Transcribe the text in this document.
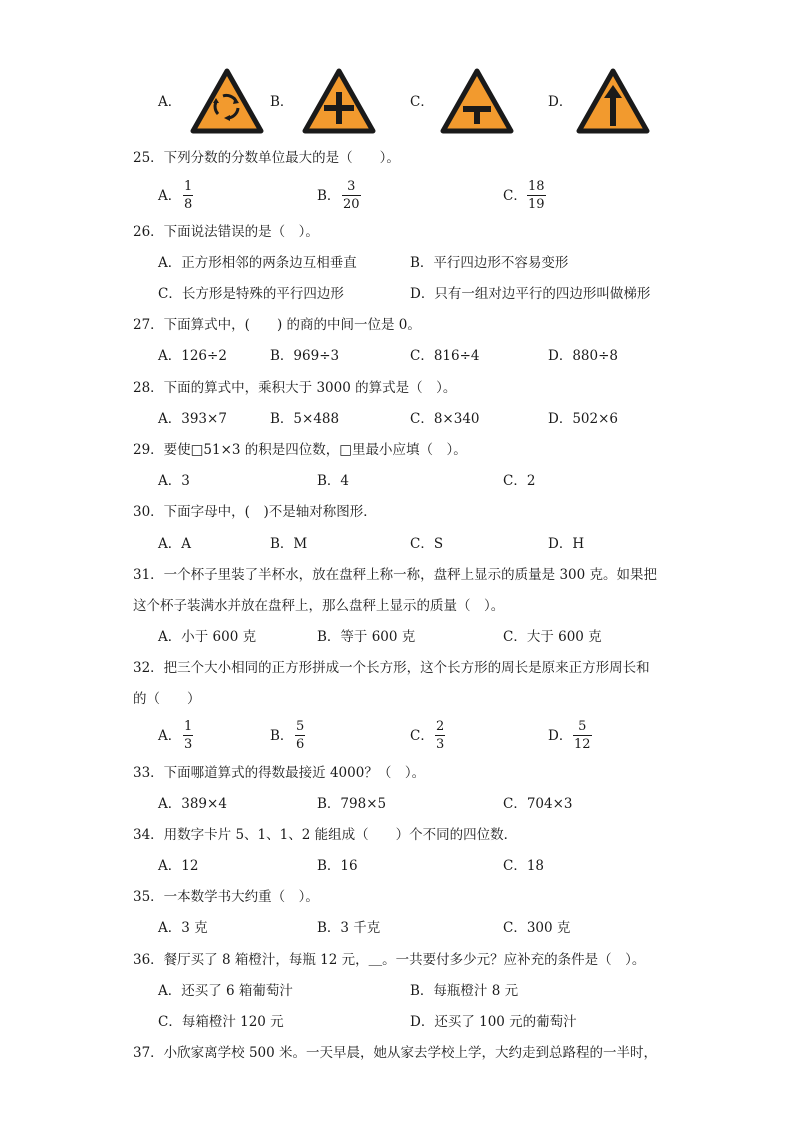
A．	B．	C．	D．
25．下列分数的分数单位最大的是（　　）。
A．
1
8
B．
3
20
C．
18
19
26．下面说法错误的是（　）。
A．正方形相邻的两条边互相垂直	B．平行四边形不容易变形
C．长方形是特殊的平行四边形	D．只有一组对边平行的四边形叫做梯形
27．下面算式中，(　　) 的商的中间一位是 0。
A．126÷2	B．969÷3	C．816÷4	D．880÷8
28．下面的算式中，乘积大于 3000 的算式是（　）。
A．393×7	B．5×488	C．8×340	D．502×6
29．要使□51×3 的积是四位数，□里最小应填（　）。
A．3	B．4	C．2
30．下面字母中，(　)不是轴对称图形．
A．A	B．M	C．S	D．H
31．一个杯子里装了半杯水，放在盘秤上称一称，盘秤上显示的质量是 300 克。如果把
这个杯子装满水并放在盘秤上，那么盘秤上显示的质量（　）。
A．小于 600 克	B．等于 600 克	C．大于 600 克
32．把三个大小相同的正方形拼成一个长方形，这个长方形的周长是原来正方形周长和
的（　　）
A．
1
3
B．
5
6
C．
2
3
D．
5
12
33．下面哪道算式的得数最接近 4000？（　）。
A．389×4	B．798×5	C．704×3
34．用数字卡片 5、1、1、2 能组成（　　）个不同的四位数．
A．12	B．16	C．18
35．一本数学书大约重（　）。
A．3 克	B．3 千克	C．300 克
36．餐厅买了 8 箱橙汁，每瓶 12 元，＿。一共要付多少元？应补充的条件是（　）。
A．还买了 6 箱葡萄汁	B．每瓶橙汁 8 元
C．每箱橙汁 120 元	D．还买了 100 元的葡萄汁
37．小欣家离学校 500 米。一天早晨，她从家去学校上学，大约走到总路程的一半时，
